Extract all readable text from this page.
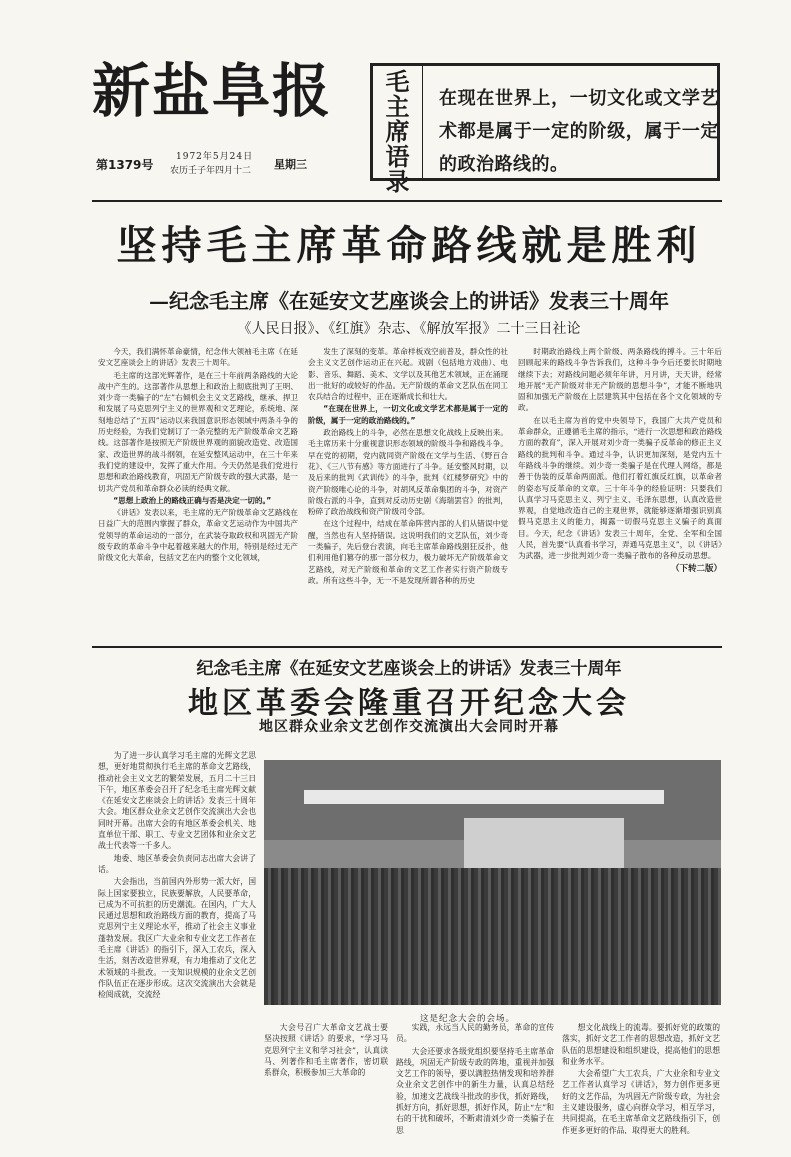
新盐阜报
第1379号
1972年5月24日
农历壬子年四月十二 星期三
毛
主
席
语
录
在现在世界上，一切文化或文学艺术都是属于一定的阶级，属于一定的政治路线的。
坚持毛主席革命路线就是胜利
—纪念毛主席《在延安文艺座谈会上的讲话》发表三十周年
《人民日报》、《红旗》杂志、《解放军报》二十三日社论

今天，我们满怀革命豪情，纪念伟大领袖毛主席《在延安文艺座谈会上的讲话》发表三十周年。

毛主席的这部光辉著作，是在三十年前两条路线的大论战中产生的。这部著作从思想上和政治上彻底批判了王明、刘少奇一类骗子的“左”右倾机会主义文艺路线，继承、捍卫和发展了马克思列宁主义的世界观和文艺理论，系统地、深刻地总结了“五四”运动以来我国意识形态领域中两条斗争的历史经验，为我们党制订了一条完整的无产阶级革命文艺路线。这部著作是按照无产阶级世界观的面貌改造党、改造国家、改造世界的战斗纲领，在延安整风运动中，在三十年来我们党的建设中，发挥了重大作用。今天仍然是我们党进行思想和政治路线教育，巩固无产阶级专政的强大武器，是一切共产党员和革命群众必读的经典文献。

“思想上政治上的路线正确与否是决定一切的。”

《讲话》发表以来，毛主席的无产阶级革命文艺路线在日益广大的范围内掌握了群众，革命文艺运动作为中国共产党领导的革命运动的一部分，在武装夺取政权和巩固无产阶级专政的革命斗争中起着越来越大的作用，特别是经过无产阶级文化大革命，包括文艺在内的整个文化领域，

发生了深刻的变革。革命样板戏空前普及，群众性的社会主义文艺创作运动正在兴起。戏剧（包括地方戏曲）、电影、音乐、舞蹈、美术、文学以及其他艺术领域，正在涌现出一批好的或较好的作品。无产阶级的革命文艺队伍在同工农兵结合的过程中，正在逐渐成长和壮大。

“在现在世界上，一切文化或文学艺术都是属于一定的阶级，属于一定的政治路线的。”

政治路线上的斗争，必然在思想文化战线上反映出来。毛主席历来十分重视意识形态领域的阶级斗争和路线斗争。早在党的初期，党内就同资产阶级在文学与生活、《野百合花》、《三八节有感》等方面进行了斗争。延安整风时期，以及后来的批判《武训传》的斗争，批判《红楼梦研究》中的资产阶级唯心论的斗争，对胡风反革命集团的斗争，对资产阶级右派的斗争，直到对反动历史剧《海瑞罢官》的批判，粉碎了政治战线和资产阶级司令部。

在这个过程中，结成在革命阵营内部的人们从错误中觉醒，当然也有人坚持错误。这说明我们的文艺队伍，刘少奇一类骗子，先后登台表演，向毛主席革命路线猖狂反扑，他们利用他们篡夺的那一部分权力，极力破坏无产阶级革命文艺路线，对无产阶级和革命的文艺工作者实行资产阶级专政。所有这些斗争，无一不是发现所谓各种的历史

时期政治路线上两个阶级、两条路线的搏斗。三十年后回顾起来的路线斗争告诉我们，这种斗争今后还要长时期地继续下去；对路线问题必须年年讲，月月讲，天天讲，经常地开展“无产阶级对非无产阶级的思想斗争”，才能不断地巩固和加强无产阶级在上层建筑其中包括在各个文化领域的专政。

在以毛主席为首的党中央领导下，我国广大共产党员和革命群众，正遵循毛主席的指示，“进行一次思想和政治路线方面的教育”，深入开展对刘少奇一类骗子反革命的修正主义路线的批判和斗争。通过斗争，认识更加深刻，是党内五十年路线斗争的继续。刘少奇一类骗子是在代理人网络，都是善于伪装的反革命两面派。他们打着红旗反红旗，以革命者的姿态写反革命的文章。三十年斗争的经验证明：只要我们认真学习马克思主义、列宁主义、毛泽东思想，认真改造世界观，自觉地改造自己的主观世界，就能够逐渐增强识别真假马克思主义的能力，揭露一切假马克思主义骗子的真面目。今天，纪念《讲话》发表三十周年，全党、全军和全国人民，首先要“认真看书学习，弄通马克思主义”，以《讲话》为武器，进一步批判刘少奇一类骗子散布的各种反动思想。

（下转二版）

纪念毛主席《在延安文艺座谈会上的讲话》发表三十周年
地区革委会隆重召开纪念大会
地区群众业余文艺创作交流演出大会同时开幕
这是纪念大会的会场。

为了进一步认真学习毛主席的光辉文艺思想，更好地贯彻执行毛主席的革命文艺路线，推动社会主义文艺的繁荣发展，五月二十三日下午，地区革委会召开了纪念毛主席光辉文献《在延安文艺座谈会上的讲话》发表三十周年大会。地区群众业余文艺创作交流演出大会也同时开幕。出席大会的有地区革委会机关、地直单位干部、职工、专业文艺团体和业余文艺战士代表等一千多人。

地委、地区革委会负责同志出席大会讲了话。

大会指出，当前国内外形势一派大好，国际上国家要独立，民族要解放，人民要革命，已成为不可抗拒的历史潮流。在国内，广大人民通过思想和政治路线方面的教育，提高了马克思列宁主义理论水平，推动了社会主义事业蓬勃发展。我区广大业余和专业文艺工作者在毛主席《讲话》的指引下，深入工农兵，深入生活，刻苦改造世界观，有力地推动了文化艺术领域的斗批改。一支知识规模的业余文艺创作队伍正在逐步形成。这次交流演出大会就是检阅成就，交流经

大会号召广大革命文艺战士要坚决按照《讲话》的要求，“学习马克思列宁主义和学习社会”，认真读马、列著作和毛主席著作，密切联系群众，积极参加三大革命的

实践，永远当人民的勤务员，革命的宣传员。

大会还要求各级党组织要坚持毛主席革命路线，巩固无产阶级专政的阵地，重视并加强文艺工作的领导，要以满腔热情发现和培养群众业余文艺创作中的新生力量，认真总结经验，加速文艺战线斗批改的步伐，抓好路线，抓好方向，抓好思想，抓好作风，防止“左”和右的干扰和破坏，不断肃清刘少奇一类骗子在思

想文化战线上的流毒。要抓好党的政策的落实，抓好文艺工作者的思想改造，抓好文艺队伍的思想建设和组织建设，提高他们的思想和业务水平。

大会希望广大工农兵，广大业余和专业文艺工作者认真学习《讲话》，努力创作更多更好的文艺作品，为巩固无产阶级专政，为社会主义建设服务，虚心向群众学习，相互学习，共同提高，在毛主席革命文艺路线指引下，创作更多更好的作品，取得更大的胜利。
